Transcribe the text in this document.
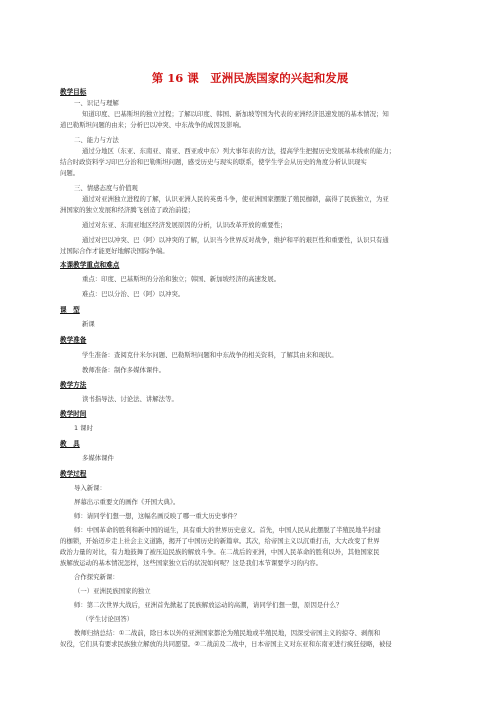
第 16 课　亚洲民族国家的兴起和发展
教学目标
一、识记与理解
知道印度、巴基斯坦的独立过程；了解以印度、韩国、新加坡等国为代表的亚洲经济迅速发展的基本情况；知
道巴勒斯坦问题的由来；分析巴以冲突、中东战争的成因及影响。
二、能力与方法
通过分地区（东亚、东南亚、南亚、西亚或中东）列大事年表的方法，提高学生把握历史发展基本线索的能力；
结合时政资料学习印巴分治和巴勒斯坦问题，感受历史与现实的联系，使学生学会从历史的角度分析认识现实
问题。
三、情感态度与价值观
通过对亚洲独立进程的了解，认识亚洲人民的英勇斗争，使亚洲国家摆脱了殖民枷锁，赢得了民族独立，为亚
洲国家的独立发展和经济腾飞创造了政治前提；
通过对东亚、东南亚地区经济发展原因的分析，认识改革开放的重要性；
通过对巴以冲突、巴（阿）以冲突的了解，认识当今世界反对战争，维护和平的艰巨性和重要性，认识只有通
过国际合作才能更好地解决国际争端。
本课教学重点和难点
重点：印度、巴基斯坦的分治和独立；韩国、新加坡经济的高速发展。
难点：巴以分治、巴（阿）以冲突。
课　型
新课
教学准备
学生准备：查阅克什米尔问题、巴勒斯坦问题和中东战争的相关资料，了解其由来和现状。
教师准备：制作多媒体课件。
教学方法
读书指导法、讨论法、讲解法等。
教学时间
1 课时
教　具
多媒体课件
教学过程
导入新课：
屏幕出示重要文的画作《开国大典》。
师：请同学们想一想，这幅名画反映了哪一重大历史事件？
师：中国革命的胜利和新中国的诞生，具有重大的世界历史意义。首先，中国人民从此摆脱了半殖民地半封建
的枷锁，开始迈步走上社会主义道路，揭开了中国历史的新篇章。其次，给帝国主义以沉重打击，大大改变了世界
政治力量的对比，有力地鼓舞了被压迫民族的解放斗争。在二战后的亚洲，中国人民革命的胜利以外，其他国家民
族解放运动的基本情况怎样，这些国家独立后的状况如何呢？这是我们本节课要学习的内容。
合作探究新课：
（一）亚洲民族国家的独立
师：第二次世界大战后，亚洲首先掀起了民族解放运动的高潮，请同学们想一想，原因是什么？
（学生讨论回答）
教师归纳总结：①二战前，除日本以外的亚洲国家都沦为殖民地或半殖民地，因深受帝国主义的掠夺、剥削和
奴役，它们具有要求民族独立解放的共同愿望。②二战前及二战中，日本帝国主义对东亚和东南亚进行疯狂侵略，被侵
